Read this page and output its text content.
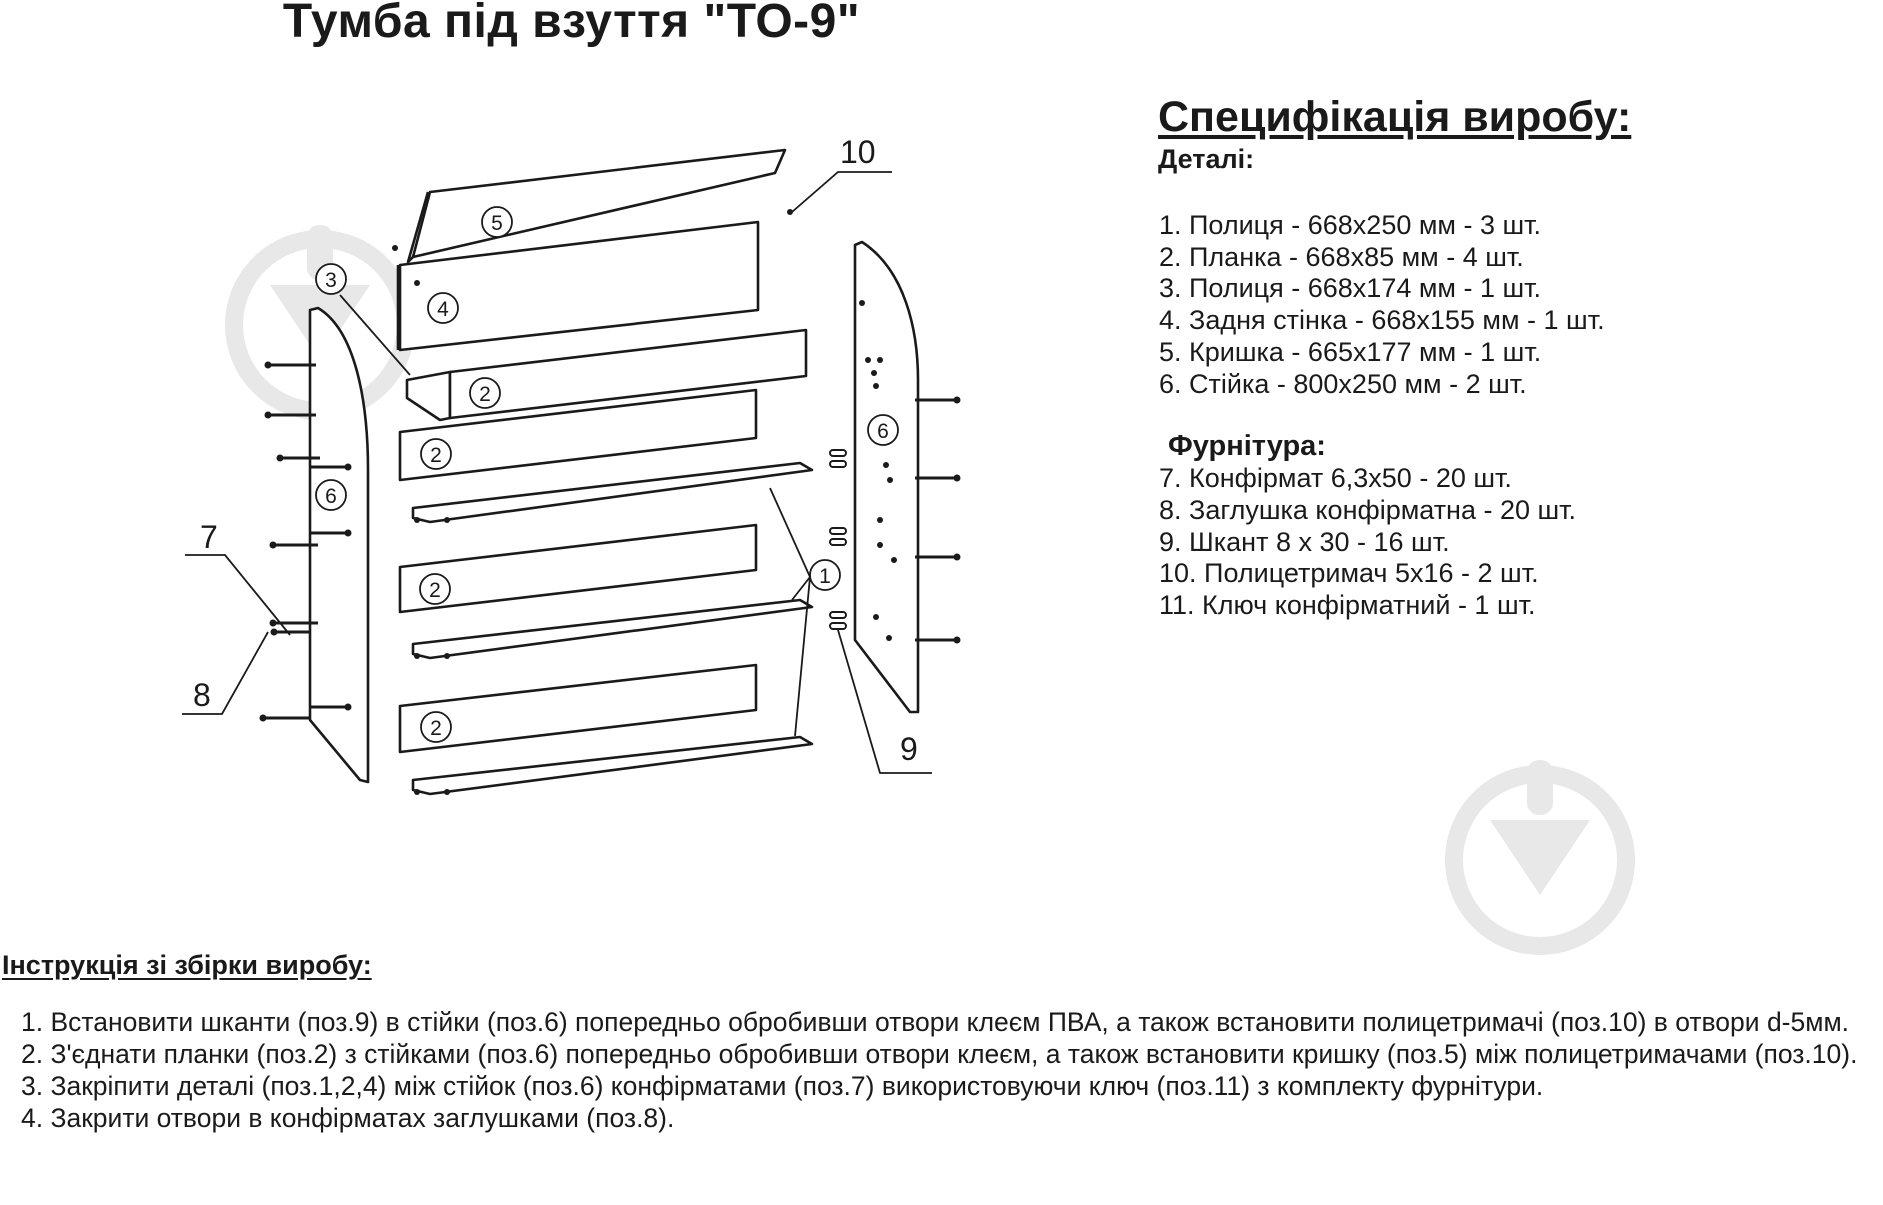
Тумба під взуття "ТО-9"
5
4
3
2
2
2
2
6
6
1
10
7
8
9
Специфікація виробу:
Деталі:
1. Полиця - 668х250 мм - 3 шт.
2. Планка - 668х85 мм - 4 шт.
3. Полиця - 668х174 мм - 1 шт.
4. Задня стінка - 668х155 мм - 1 шт.
5. Кришка - 665х177 мм - 1 шт.
6. Стійка - 800х250 мм - 2 шт.
Фурнітура:
7. Конфірмат 6,3х50 - 20 шт.
8. Заглушка конфірматна - 20 шт.
9. Шкант 8 х 30 - 16 шт.
10. Полицетримач 5х16 - 2 шт.
11. Ключ конфірматний - 1 шт.
Інструкція зі збірки виробу:
1. Встановити шканти (поз.9) в стійки (поз.6) попередньо обробивши отвори клеєм ПВА, а також встановити полицетримачі (поз.10) в отвори d-5мм.
2. З'єднати планки (поз.2) з стійками (поз.6) попередньо обробивши отвори клеєм, а також встановити кришку (поз.5) між полицетримачами (поз.10).
3. Закріпити деталі (поз.1,2,4) між стійок (поз.6) конфірматами (поз.7) використовуючи ключ (поз.11) з комплекту фурнітури.
4. Закрити отвори в конфірматах заглушками (поз.8).
